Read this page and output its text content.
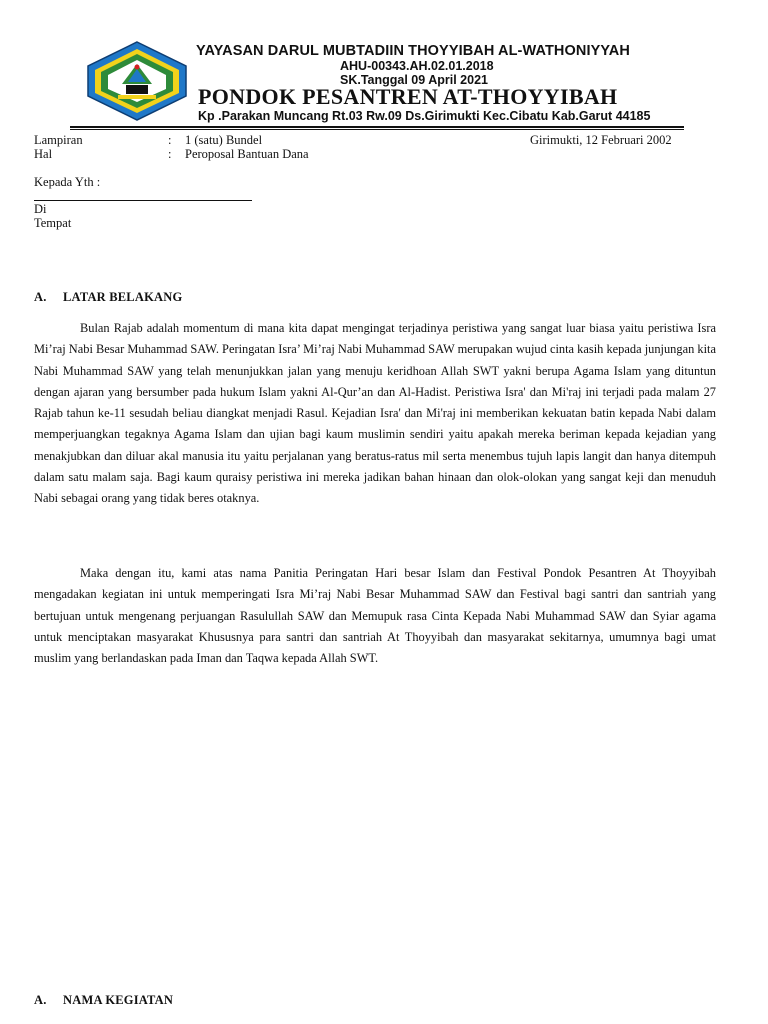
YAYASAN DARUL MUBTADIIN THOYYIBAH AL-WATHONIYYAH
AHU-00343.AH.02.01.2018
SK.Tanggal 09 April 2021
PONDOK PESANTREN AT-THOYYIBAH
Kp .Parakan Muncang Rt.03 Rw.09 Ds.Girimukti Kec.Cibatu Kab.Garut 44185
Lampiran	: 1 (satu) Bundel	Girimukti, 12 Februari 2002
Hal	: Peroposal Bantuan Dana
Kepada Yth :
Di
Tempat
A. LATAR BELAKANG

Bulan Rajab adalah momentum di mana kita dapat mengingat terjadinya peristiwa yang sangat luar biasa yaitu peristiwa Isra Mi’raj Nabi Besar Muhammad SAW. Peringatan Isra’ Mi’raj Nabi Muhammad SAW merupakan wujud cinta kasih kepada junjungan kita Nabi Muhammad SAW yang telah menunjukkan jalan yang menuju keridhoan Allah SWT yakni berupa Agama Islam yang dituntun dengan ajaran yang bersumber pada hukum Islam yakni Al-Qur’an dan Al-Hadist. Peristiwa Isra' dan Mi'raj ini terjadi pada malam 27 Rajab tahun ke-11 sesudah beliau diangkat menjadi Rasul. Kejadian Isra' dan Mi'raj ini memberikan kekuatan batin kepada Nabi dalam memperjuangkan tegaknya Agama Islam dan ujian bagi kaum muslimin sendiri yaitu apakah mereka beriman kepada kejadian yang menakjubkan dan diluar akal manusia itu yaitu perjalanan yang beratus-ratus mil serta menembus tujuh lapis langit dan hanya ditempuh dalam satu malam saja. Bagi kaum quraisy peristiwa ini mereka jadikan bahan hinaan dan olok-olokan yang sangat keji dan menuduh Nabi sebagai orang yang tidak beres otaknya.

Maka dengan itu, kami atas nama Panitia Peringatan Hari besar Islam dan Festival Pondok Pesantren At Thoyyibah mengadakan kegiatan ini untuk memperingati Isra Mi’raj Nabi Besar Muhammad SAW dan Festival bagi santri dan santriah yang bertujuan untuk mengenang perjuangan Rasulullah SAW dan Memupuk rasa Cinta Kepada Nabi Muhammad SAW dan Syiar agama untuk menciptakan masyarakat Khususnya para santri dan santriah At Thoyyibah dan masyarakat sekitarnya, umumnya bagi umat muslim yang berlandaskan pada Iman dan Taqwa kepada Allah SWT.

A. NAMA KEGIATAN
